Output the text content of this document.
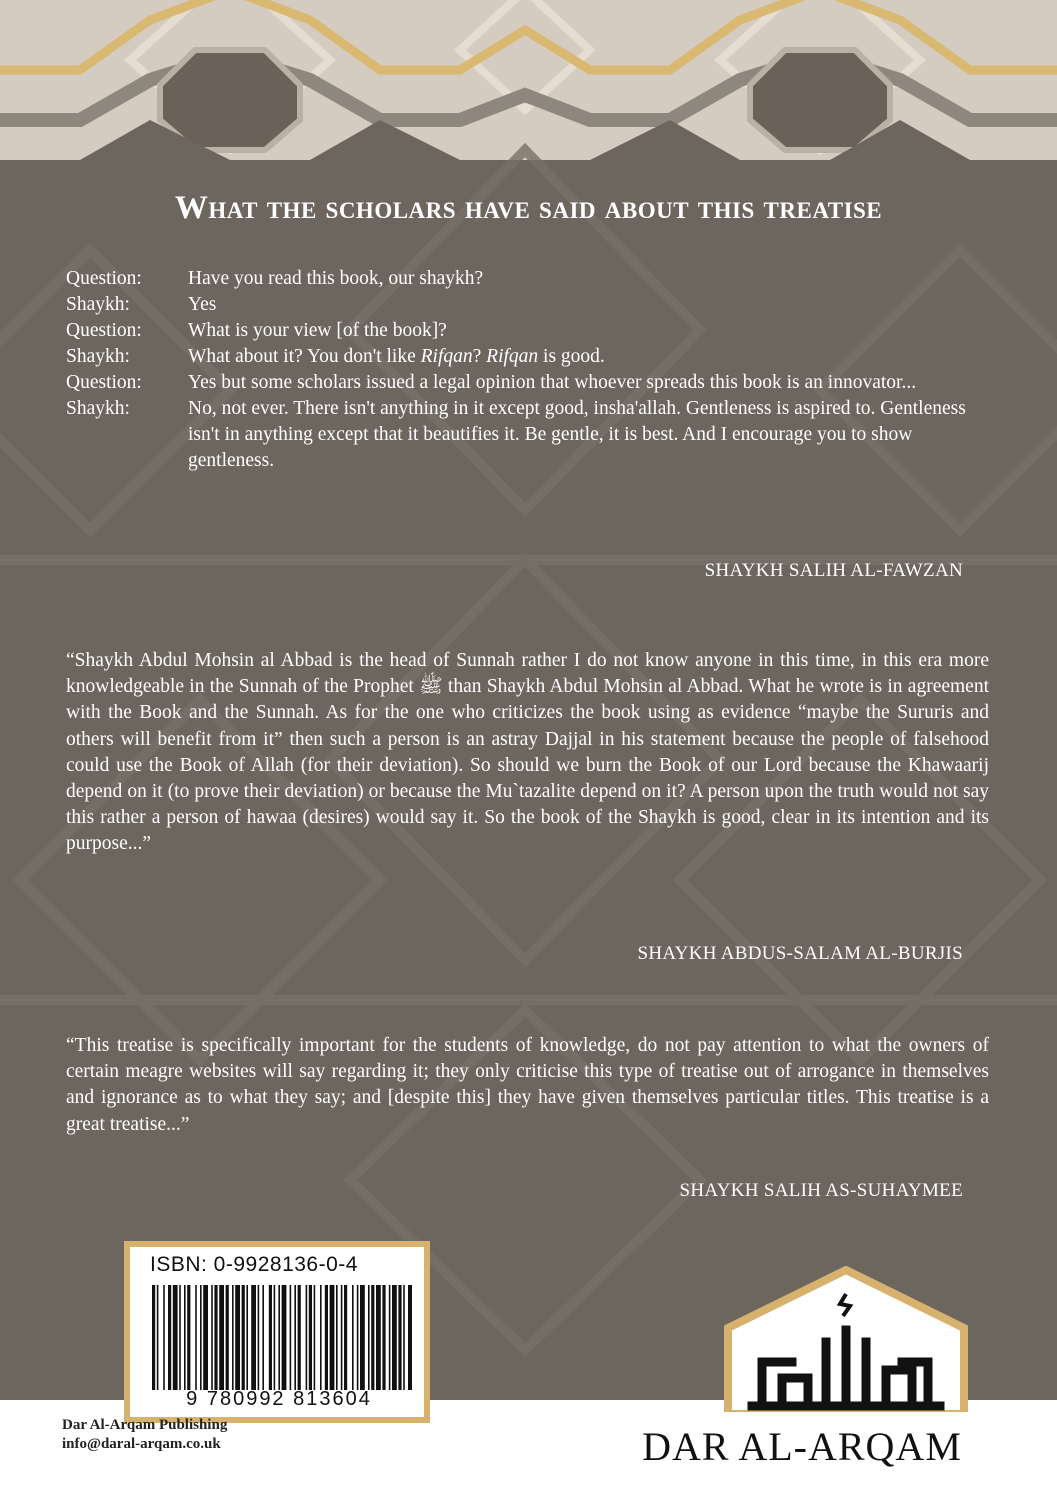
What the scholars have said about this treatise
Question:	Have you read this book, our shaykh?
Shaykh:	Yes
Question:	What is your view [of the book]?
Shaykh:	What about it? You don't like Rifqan? Rifqan is good.
Question:	Yes but some scholars issued a legal opinion that whoever spreads this book is an innovator...
Shaykh:	No, not ever. There isn't anything in it except good, insha'allah. Gentleness is aspired to. Gentleness isn't in anything except that it beautifies it. Be gentle, it is best. And I encourage you to show gentleness.
SHAYKH SALIH AL-FAWZAN
“Shaykh Abdul Mohsin al Abbad is the head of Sunnah rather I do not know anyone in this time, in this era more knowledgeable in the Sunnah of the Prophet ﷺ than Shaykh Abdul Mohsin al Abbad. What he wrote is in agreement with the Book and the Sunnah. As for the one who criticizes the book using as evidence “maybe the Sururis and others will benefit from it” then such a person is an astray Dajjal in his statement because the people of falsehood could use the Book of Allah (for their deviation). So should we burn the Book of our Lord because the Khawaarij depend on it (to prove their deviation) or because the Mu`tazalite depend on it? A person upon the truth would not say this rather a person of hawaa (desires) would say it. So the book of the Shaykh is good, clear in its intention and its purpose...”
SHAYKH ABDUS-SALAM AL-BURJIS
“This treatise is specifically important for the students of knowledge, do not pay attention to what the owners of certain meagre websites will say regarding it; they only criticise this type of treatise out of arrogance in themselves and ignorance as to what they say; and [despite this] they have given themselves particular titles. This treatise is a great treatise...”
SHAYKH SALIH AS-SUHAYMEE
ISBN: 0-9928136-0-4
9 780992 813604
Dar Al-Arqam Publishing
info@daral-arqam.co.uk	DAR AL-ARQAM
